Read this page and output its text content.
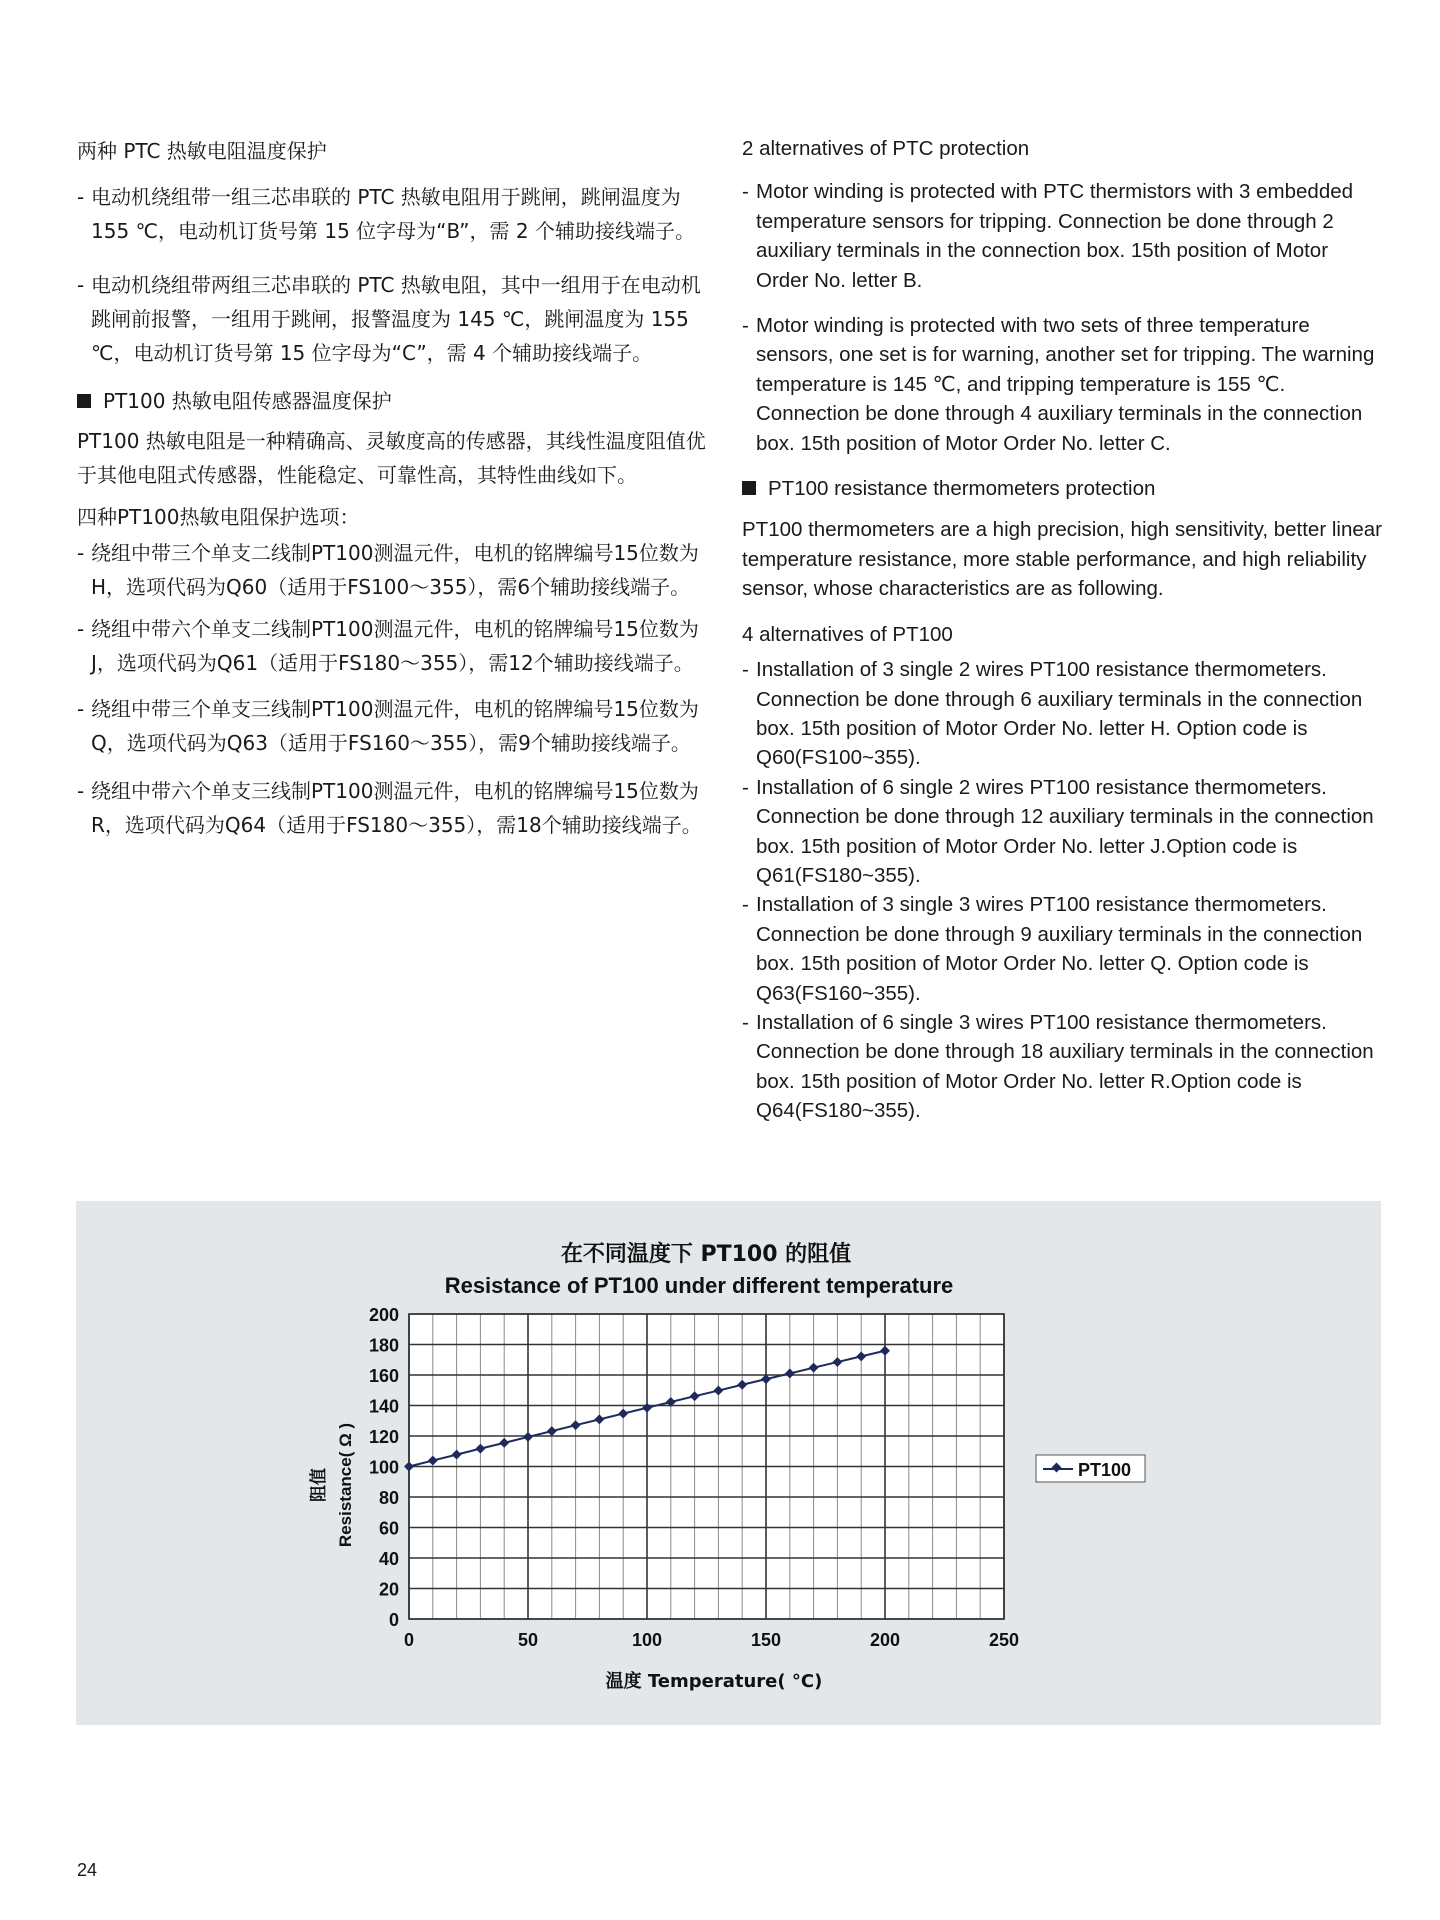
两种 PTC 热敏电阻温度保护

- 电动机绕组带一组三芯串联的 PTC 热敏电阻用于跳闸，跳闸温度为 155 ℃，电动机订货号第 15 位字母为“B”，需 2 个辅助接线端子。

- 电动机绕组带两组三芯串联的 PTC 热敏电阻，其中一组用于在电动机跳闸前报警，一组用于跳闸，报警温度为 145 ℃，跳闸温度为 155 ℃，电动机订货号第 15 位字母为“C”，需 4 个辅助接线端子。

PT100 热敏电阻传感器温度保护

PT100 热敏电阻是一种精确高、灵敏度高的传感器，其线性温度阻值优于其他电阻式传感器，性能稳定、可靠性高，其特性曲线如下。

四种PT100热敏电阻保护选项：

- 绕组中带三个单支二线制PT100测温元件，电机的铭牌编号15位数为H，选项代码为Q60（适用于FS100～355），需6个辅助接线端子。

- 绕组中带六个单支二线制PT100测温元件，电机的铭牌编号15位数为J，选项代码为Q61（适用于FS180～355），需12个辅助接线端子。

- 绕组中带三个单支三线制PT100测温元件，电机的铭牌编号15位数为Q，选项代码为Q63（适用于FS160～355），需9个辅助接线端子。

- 绕组中带六个单支三线制PT100测温元件，电机的铭牌编号15位数为R，选项代码为Q64（适用于FS180～355），需18个辅助接线端子。

2 alternatives of PTC protection

- Motor winding is protected with PTC thermistors with 3 embedded temperature sensors for tripping. Connection be done through 2 auxiliary terminals in the connection box. 15th position of Motor Order No. letter B.

- Motor winding is protected with two sets of three temperature sensors, one set is for warning, another set for tripping. The warning temperature is 145 ℃, and tripping temperature is 155 ℃. Connection be done through 4 auxiliary terminals in the connection box. 15th position of Motor Order No. letter C.

PT100 resistance thermometers protection

PT100 thermometers are a high precision, high sensitivity, better linear temperature resistance, more stable performance, and high reliability sensor, whose characteristics are as following.

4 alternatives of PT100

- Installation of 3 single 2 wires PT100 resistance thermometers. Connection be done through 6 auxiliary terminals in the connection box. 15th position of Motor Order No. letter H. Option code is Q60(FS100~355).

- Installation of 6 single 2 wires PT100 resistance thermometers. Connection be done through 12 auxiliary terminals in the connection box. 15th position of Motor Order No. letter J.Option code is Q61(FS180~355).

- Installation of 3 single 3 wires PT100 resistance thermometers. Connection be done through 9 auxiliary terminals in the connection box. 15th position of Motor Order No. letter Q. Option code is Q63(FS160~355).

- Installation of 6 single 3 wires PT100 resistance thermometers. Connection be done through 18 auxiliary terminals in the connection box. 15th position of Motor Order No. letter R.Option code is Q64(FS180~355).

在不同温度下 PT100 的阻值
Resistance of PT100 under different temperature
阻值 Resistance( Ω )
温度 Temperature( °C)
0
20
40
60
80
100
120
140
160
180
200
0	50	100	150	200	250
PT100
24
